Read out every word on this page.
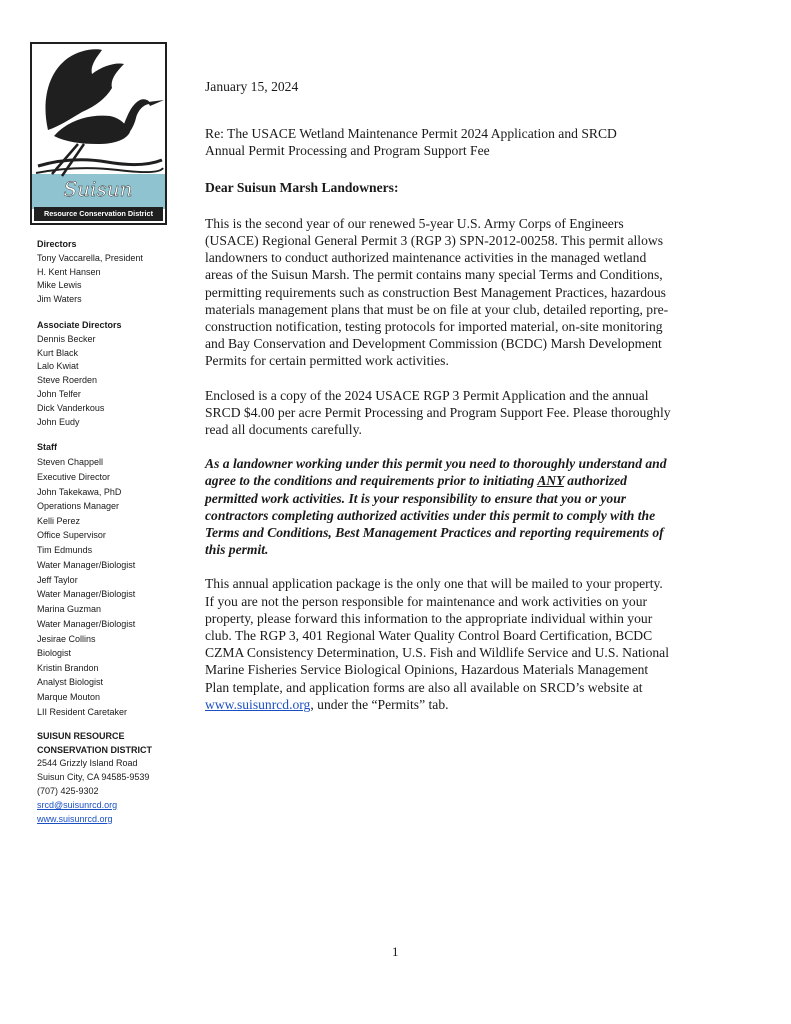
Suisun
Resource Conservation District
Directors
Tony Vaccarella, President
H. Kent Hansen
Mike Lewis
Jim Waters
Associate Directors
Dennis Becker
Kurt Black
Lalo Kwiat
Steve Roerden
John Telfer
Dick Vanderkous
John Eudy
Staff
Steven Chappell
Executive Director
John Takekawa, PhD
Operations Manager
Kelli Perez
Office Supervisor
Tim Edmunds
Water Manager/Biologist
Jeff Taylor
Water Manager/Biologist
Marina Guzman
Water Manager/Biologist
Jesirae Collins
Biologist
Kristin Brandon
Analyst Biologist
Marque Mouton
LII Resident Caretaker
SUISUN RESOURCE
CONSERVATION DISTRICT
2544 Grizzly Island Road
Suisun City, CA 94585-9539
(707) 425-9302
srcd@suisunrcd.org
www.suisunrcd.org

January 15, 2024

Re: The USACE Wetland Maintenance Permit 2024 Application and SRCD
Annual Permit Processing and Program Support Fee

Dear Suisun Marsh Landowners:

This is the second year of our renewed 5-year U.S. Army Corps of Engineers (USACE) Regional General Permit 3 (RGP 3) SPN-2012-00258. This permit allows landowners to conduct authorized maintenance activities in the managed wetland areas of the Suisun Marsh. The permit contains many special Terms and Conditions, permitting requirements such as construction Best Management Practices, hazardous materials management plans that must be on file at your club, detailed reporting, pre-construction notification, testing protocols for imported material, on-site monitoring and Bay Conservation and Development Commission (BCDC) Marsh Development Permits for certain permitted work activities.

Enclosed is a copy of the 2024 USACE RGP 3 Permit Application and the annual SRCD $4.00 per acre Permit Processing and Program Support Fee. Please thoroughly read all documents carefully.

As a landowner working under this permit you need to thoroughly understand and agree to the conditions and requirements prior to initiating ANY authorized permitted work activities. It is your responsibility to ensure that you or your contractors completing authorized activities under this permit to comply with the Terms and Conditions, Best Management Practices and reporting requirements of this permit.

This annual application package is the only one that will be mailed to your property. If you are not the person responsible for maintenance and work activities on your property, please forward this information to the appropriate individual within your club. The RGP 3, 401 Regional Water Quality Control Board Certification, BCDC CZMA Consistency Determination, U.S. Fish and Wildlife Service and U.S. National Marine Fisheries Service Biological Opinions, Hazardous Materials Management Plan template, and application forms are also all available on SRCD’s website at www.suisunrcd.org, under the “Permits” tab.

1
